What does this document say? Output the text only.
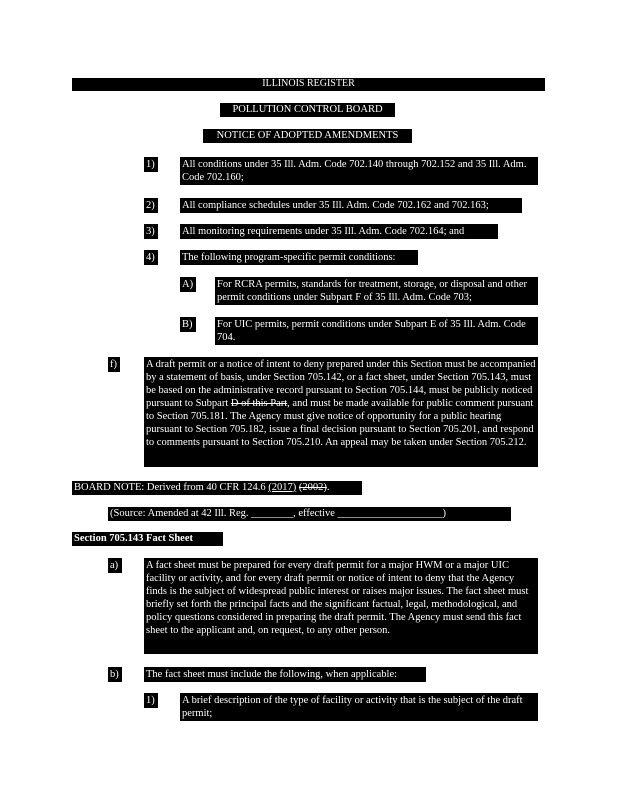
ILLINOIS REGISTER
POLLUTION CONTROL BOARD
NOTICE OF ADOPTED AMENDMENTS
1)	All conditions under 35 Ill. Adm. Code 702.140 through 702.152 and 35 Ill. Adm. Code 702.160;
2)	All compliance schedules under 35 Ill. Adm. Code 702.162 and 702.163;
3)	All monitoring requirements under 35 Ill. Adm. Code 702.164; and
4)	The following program-specific permit conditions:
A) For RCRA permits, standards for treatment, storage, or disposal and other permit conditions under Subpart F of 35 Ill. Adm. Code 703;
B)	For UIC permits, permit conditions under Subpart E of 35 Ill. Adm. Code 704.
f)	A draft permit or a notice of intent to deny prepared under this Section must be accompanied by a statement of basis, under Section 705.142, or a fact sheet, under Section 705.143, must be based on the administrative record pursuant to Section 705.144, must be publicly noticed pursuant to Subpart D of this Part, and must be made available for public comment pursuant to Section 705.181. The Agency must give notice of opportunity for a public hearing pursuant to Section 705.182, issue a final decision pursuant to Section 705.201, and respond to comments pursuant to Section 705.210. An appeal may be taken under Section 705.212.
BOARD NOTE: Derived from 40 CFR 124.6 (2017) (2002).
(Source: Amended at 42 Ill. Reg. ________, effective ____________________)
Section 705.143 Fact Sheet
a)	A fact sheet must be prepared for every draft permit for a major HWM or a major UIC facility or activity, and for every draft permit or notice of intent to deny that the Agency finds is the subject of widespread public interest or raises major issues. The fact sheet must briefly set forth the principal facts and the significant factual, legal, methodological, and policy questions considered in preparing the draft permit. The Agency must send this fact sheet to the applicant and, on request, to any other person.
b)	The fact sheet must include the following, when applicable:
1)	A brief description of the type of facility or activity that is the subject of the draft permit;
